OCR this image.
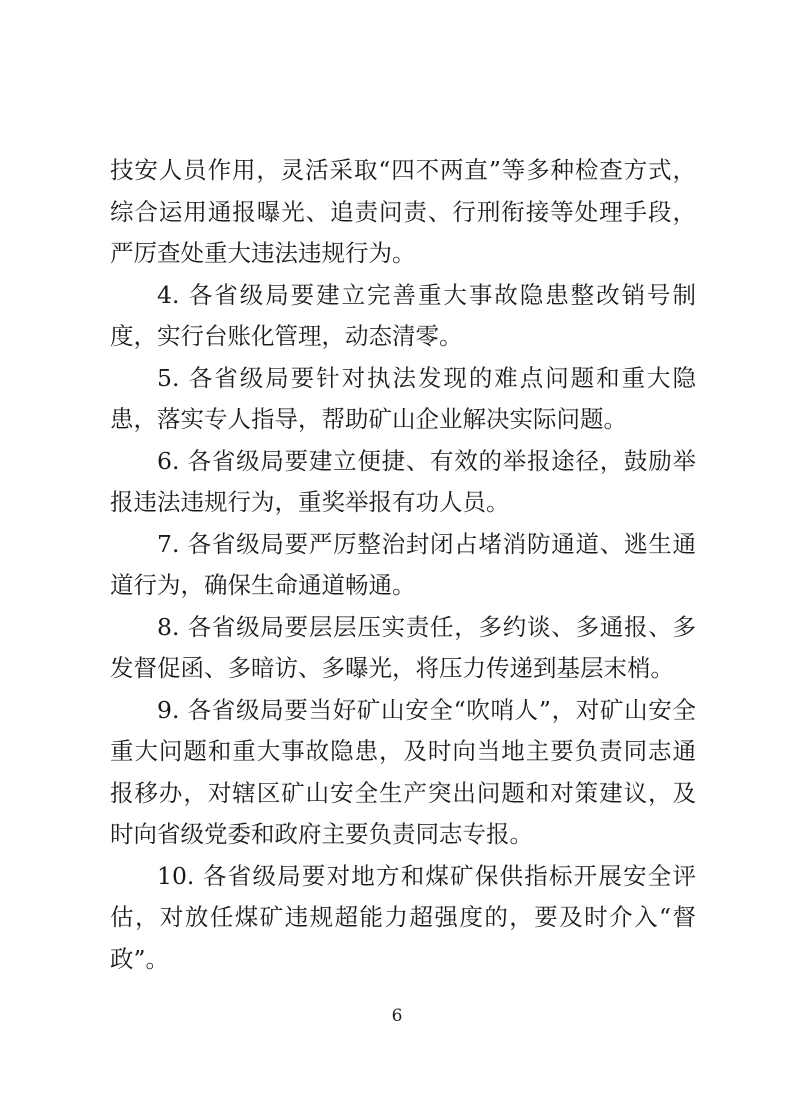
技安人员作用，灵活采取“四不两直”等多种检查方式，综合运用通报曝光、追责问责、行刑衔接等处理手段，严厉查处重大违法违规行为。

4. 各省级局要建立完善重大事故隐患整改销号制度，实行台账化管理，动态清零。

5. 各省级局要针对执法发现的难点问题和重大隐患，落实专人指导，帮助矿山企业解决实际问题。

6. 各省级局要建立便捷、有效的举报途径，鼓励举报违法违规行为，重奖举报有功人员。

7. 各省级局要严厉整治封闭占堵消防通道、逃生通道行为，确保生命通道畅通。

8. 各省级局要层层压实责任，多约谈、多通报、多发督促函、多暗访、多曝光，将压力传递到基层末梢。

9. 各省级局要当好矿山安全“吹哨人”，对矿山安全重大问题和重大事故隐患，及时向当地主要负责同志通报移办，对辖区矿山安全生产突出问题和对策建议，及时向省级党委和政府主要负责同志专报。

10. 各省级局要对地方和煤矿保供指标开展安全评估，对放任煤矿违规超能力超强度的，要及时介入“督政”。

6
